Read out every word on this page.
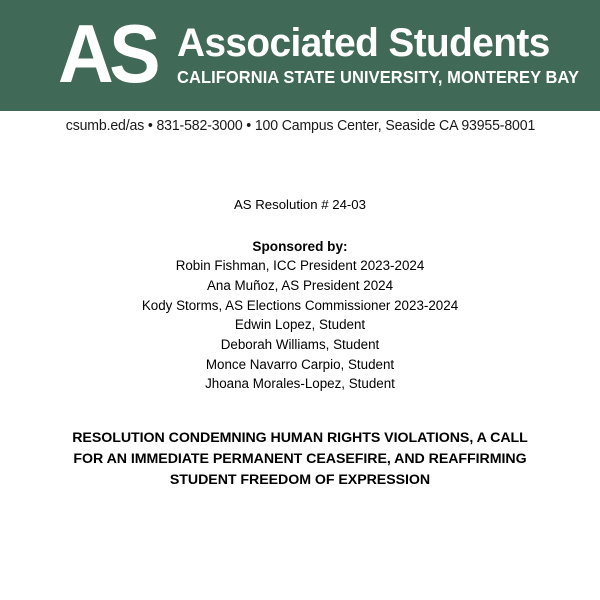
AS Associated Students
CALIFORNIA STATE UNIVERSITY, MONTEREY BAY
csumb.ed/as • 831-582-3000 • 100 Campus Center, Seaside CA 93955-8001
AS Resolution # 24-03
Sponsored by:
Robin Fishman, ICC President 2023-2024
Ana Muñoz, AS President 2024
Kody Storms, AS Elections Commissioner 2023-2024
Edwin Lopez, Student
Deborah Williams, Student
Monce Navarro Carpio, Student
Jhoana Morales-Lopez, Student
RESOLUTION CONDEMNING HUMAN RIGHTS VIOLATIONS, A CALL
FOR AN IMMEDIATE PERMANENT CEASEFIRE, AND REAFFIRMING
STUDENT FREEDOM OF EXPRESSION
